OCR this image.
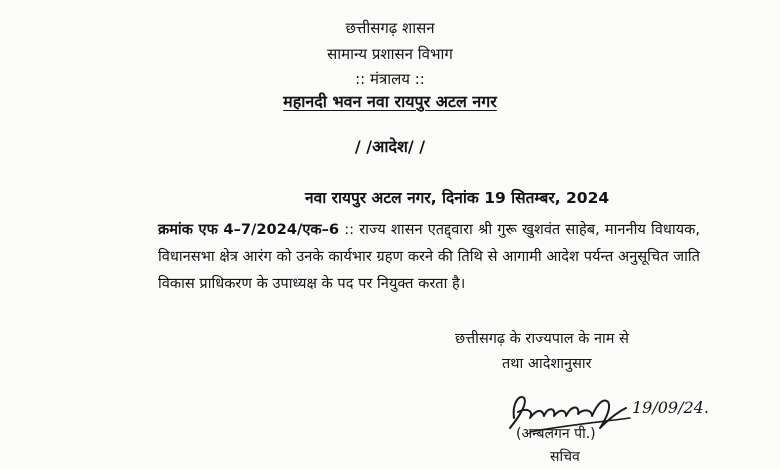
छत्तीसगढ़ शासन
सामान्य प्रशासन विभाग
:: मंत्रालय ::
महानदी भवन नवा रायपुर अटल नगर
/ /आदेश/ /
नवा रायपुर अटल नगर, दिनांक 19 सितम्बर, 2024
क्रमांक एफ 4–7/2024/एक–6 :: राज्य शासन एतद्द्वारा श्री गुरू खुशवंत साहेब, माननीय विधायक, विधानसभा क्षेत्र आरंग को उनके कार्यभार ग्रहण करने की तिथि से आगामी आदेश पर्यन्त अनुसूचित जाति विकास प्राधिकरण के उपाध्यक्ष के पद पर नियुक्त करता है।
छत्तीसगढ़ के राज्यपाल के नाम से
तथा आदेशानुसार
19/09/24.
(अन्बलगन पी.)
सचिव
